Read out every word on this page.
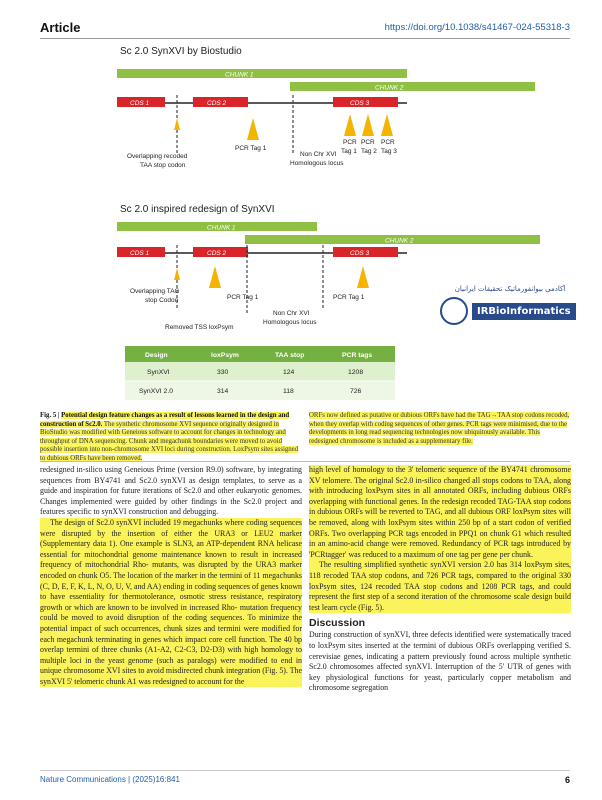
Article	https://doi.org/10.1038/s41467-024-55318-3
Sc 2.0 SynXVI by Biostudio
CHUNK 1
CHUNK 2
CDS 1	CDS 2	CDS 3
Overlapping recoded
TAA stop codon
PCR Tag 1
Non Chr XVI
Homologous locus
PCR PCR PCR
Tag 1 Tag 2 Tag 3
Sc 2.0 inspired redesign of SynXVI
CHUNK 1
CHUNK 2
CDS 1	CDS 2	CDS 3
Overlapping TAG
stop Codon	PCR Tag 1	PCR Tag 1
Non Chr XVI
Homologous locus
Removed TSS loxPsym
Design	loxPsym	TAA stop	PCR tags
SynXVI	330	124	1208
SynXVI 2.0	314	118	726
آکادمی بیوانفورماتیک تحقیقات ایرانیان
IRBioInformatics
Fig. 5 | Potential design feature changes as a result of lessons learned in the design and construction of Sc2.0. The synthetic chromosome XVI sequence originally designed in BioStudio was modified with Geneious software to account for changes in technology and throughput of DNA sequencing. Chunk and megachunk boundaries were moved to avoid possible insertion into non-chromosome XVI loci during construction. LoxPsym sites assigned to dubious ORFs have been removed.
ORFs now defined as putative or dubious ORFs have had the TAG→TAA stop codons recoded, when they overlap with coding sequences of other genes. PCR tags were minimised, due to the developments in long read sequencing technologies now ubiquitously available. This redesigned chromosome is included as a supplementary file.

redesigned in-silico using Geneious Prime (version R9.0) software, by integrating sequences from BY4741 and Sc2.0 synXVI as design templates, to serve as a guide and inspiration for future iterations of Sc2.0 and other eukaryotic genomes. Changes implemented were guided by other findings in the Sc2.0 project and features specific to synXVI construction and debugging.

The design of Sc2.0 synXVI included 19 megachunks where coding sequences were disrupted by the insertion of either the URA3 or LEU2 marker (Supplementary data 1). One example is SLN3, an ATP-dependent RNA helicase essential for mitochondrial genome maintenance known to result in increased frequency of mitochondrial Rho- mutants, was disrupted by the URA3 marker encoded on chunk O5. The location of the marker in the termini of 11 megachunks (C, D, E, F, K, L, N, O, U, V, and AA) ending in coding sequences of genes known to have essentiality for thermotolerance, osmotic stress resistance, respiratory growth or which are known to be involved in increased Rho- mutation frequency could be moved to avoid disruption of the coding sequences. To minimize the potential impact of such occurrences, chunk sizes and termini were modified for each megachunk terminating in genes which impact core cell function. The 40 bp overlap termini of three chunks (A1-A2, C2-C3, D2-D3) with high homology to multiple loci in the yeast genome (such as paralogs) were modified to end in unique chromosome XVI sites to avoid misdirected chunk integration (Fig. 5). The synXVI 5' telomeric chunk A1 was redesigned to account for the

high level of homology to the 3' telomeric sequence of the BY4741 chromosome XV telomere. The original Sc2.0 in-silico changed all stops codons to TAA, along with introducing loxPsym sites in all annotated ORFs, including dubious ORFs overlapping with functional genes. In the redesign recoded TAG-TAA stop codons in dubious ORFs will be reverted to TAG, and all dubious ORF loxPsym sites will be removed, along with loxPsym sites within 250 bp of a start codon of verified ORFs. Two overlapping PCR tags encoded in PPQ1 on chunk G1 which resulted in an amino-acid change were removed. Redundancy of PCR tags introduced by 'PCRtagger' was reduced to a maximum of one tag per gene per chunk.

The resulting simplified synthetic synXVI version 2.0 has 314 loxPsym sites, 118 recoded TAA stop codons, and 726 PCR tags, compared to the original 330 loxPsym sites, 124 recoded TAA stop codons and 1208 PCR tags, and could represent the first step of a second iteration of the chromosome scale design build test learn cycle (Fig. 5).

Discussion

During construction of synXVI, three defects identified were systematically traced to loxPsym sites inserted at the termini of dubious ORFs overlapping verified S. cerevisiae genes, indicating a pattern previously found across multiple synthetic Sc2.0 chromosomes affected synXVI. Interruption of the 5' UTR of genes with key physiological functions for yeast, particularly copper metabolism and chromosome segregation

Nature Communications | (2025)16:841	6
